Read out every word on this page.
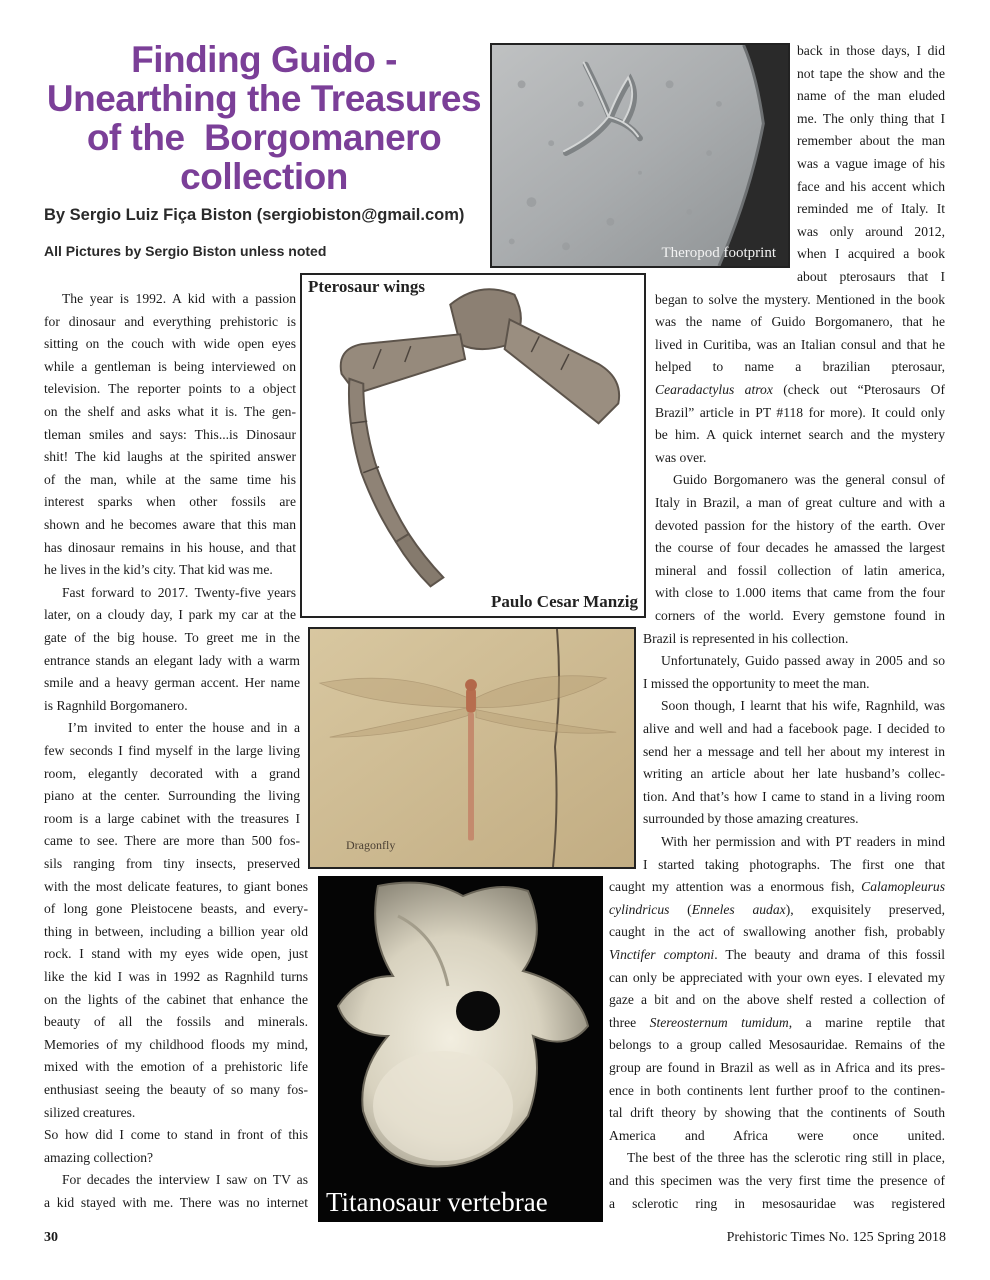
Finding Guido -
Unearthing the Treasures
of the  Borgomanero
collection
By Sergio Luiz Fiça Biston (sergiobiston@gmail.com)
All Pictures by Sergio Biston unless noted	Theropod footprint
Pterosaur wings
Paulo Cesar Manzig
Dragonfly
Titanosaur vertebrae
The year is 1992. A kid with a passion
for dinosaur and everything prehistoric is
sitting on the couch with wide open eyes
while a gentleman is being interviewed on
television. The reporter points to a object
on the shelf and asks what it is. The gen-
tleman smiles and says: This...is Dinosaur
shit! The kid laughs at the spirited answer
of the man, while at the same time his
interest sparks when other fossils are
shown and he becomes aware that this man
has dinosaur remains in his house, and that
he lives in the kid’s city. That kid was me.
Fast forward to 2017. Twenty-five years
later, on a cloudy day, I park my car at the
gate of the big house. To greet me in the
entrance stands an elegant lady with a warm
smile and a heavy german accent. Her name
is Ragnhild Borgomanero.
I’m invited to enter the house and in a
few seconds I find myself in the large living
room, elegantly decorated with a grand
piano at the center. Surrounding the living
room is a large cabinet with the treasures I
came to see. There are more than 500 fos-
sils ranging from tiny insects, preserved
with the most delicate features, to giant bones
of long gone Pleistocene beasts, and every-
thing in between, including a billion year old
rock. I stand with my eyes wide open, just
like the kid I was in 1992 as Ragnhild turns
on the lights of the cabinet that enhance the
beauty of all the fossils and minerals.
Memories of my childhood floods my mind,
mixed with the emotion of a prehistoric life
enthusiast seeing the beauty of so many fos-
silized creatures.
So how did I come to stand in front of this
amazing collection?
For decades the interview I saw on TV as
a kid stayed with me. There was no internet
back in those days, I did
not tape the show and the
name of the man eluded
me. The only thing that I
remember about the man
was a vague image of his
face and his accent which
reminded me of Italy. It
was only around 2012,
when I acquired a book
about pterosaurs that I
began to solve the mystery. Mentioned in the book
was the name of Guido Borgomanero, that he
lived in Curitiba, was an Italian consul and that he
helped to name a brazilian pterosaur,
Cearadactylus atrox (check out “Pterosaurs Of
Brazil” article in PT #118 for more). It could only
be him. A quick internet search and the mystery
was over.
Guido Borgomanero was the general consul of
Italy in Brazil, a man of great culture and with a
devoted passion for the history of the earth. Over
the course of four decades he amassed the largest
mineral and fossil collection of latin america,
with close to 1.000 items that came from the four
corners of the world. Every gemstone found in
Brazil is represented in his collection.
Unfortunately, Guido passed away in 2005 and so
I missed the opportunity to meet the man.
Soon though, I learnt that his wife, Ragnhild, was
alive and well and had a facebook page. I decided to
send her a message and tell her about my interest in
writing an article about her late husband’s collec-
tion. And that’s how I came to stand in a living room
surrounded by those amazing creatures.
With her permission and with PT readers in mind
I started taking photographs. The first one that
caught my attention was a enormous fish, Calamopleurus
cylindricus (Enneles audax), exquisitely preserved,
caught in the act of swallowing another fish, probably
Vinctifer comptoni. The beauty and drama of this fossil
can only be appreciated with your own eyes. I elevated my
gaze a bit and on the above shelf rested a collection of
three Stereosternum tumidum, a marine reptile that
belongs to a group called Mesosauridae. Remains of the
group are found in Brazil as well as in Africa and its pres-
ence in both continents lent further proof to the continen-
tal drift theory by showing that the continents of South
America and Africa were once united.
The best of the three has the sclerotic ring still in place,
and this specimen was the very first time the presence of
a sclerotic ring in mesosauridae was registered
30	Prehistoric Times No. 125 Spring 2018
